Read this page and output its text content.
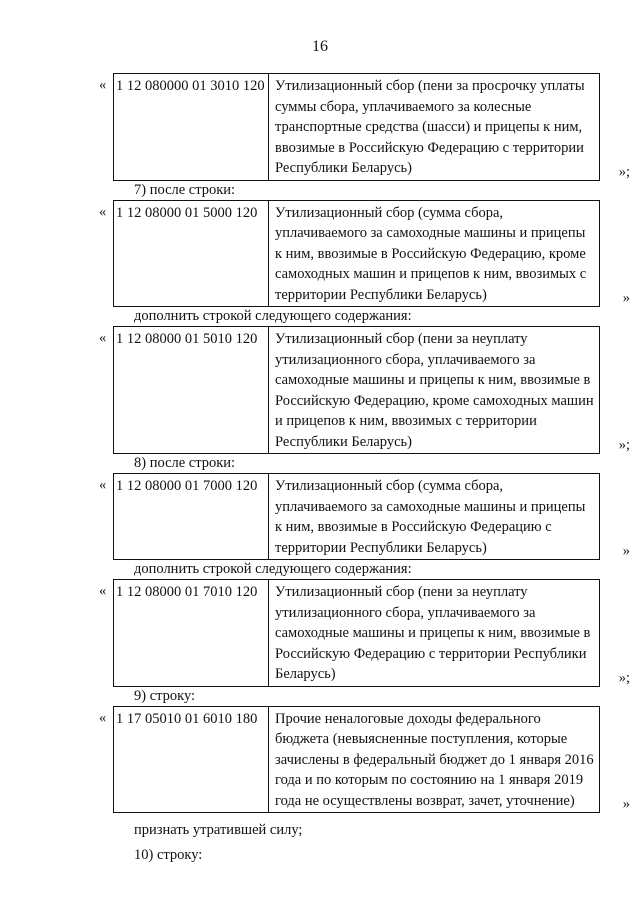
16
« 1 12 080000 01 3010 120 Утилизационный сбор (пени за просрочку уплаты суммы сбора, уплачиваемого за колесные транспортные средства (шасси) и прицепы к ним, ввозимые в Российскую Федерацию с территории Республики Беларусь)	»;
7) после строки:
« 1 12 08000 01 5000 120	Утилизационный сбор (сумма сбора, уплачиваемого за самоходные машины и прицепы к ним, ввозимые в Российскую Федерацию, кроме самоходных машин и прицепов к ним, ввозимых с территории Республики Беларусь)	»
дополнить строкой следующего содержания:
« 1 12 08000 01 5010 120	Утилизационный сбор (пени за неуплату утилизационного сбора, уплачиваемого за самоходные машины и прицепы к ним, ввозимые в Российскую Федерацию, кроме самоходных машин и прицепов к ним, ввозимых с территории Республики Беларусь)	»;
8) после строки:
« 1 12 08000 01 7000 120	Утилизационный сбор (сумма сбора, уплачиваемого за самоходные машины и прицепы к ним, ввозимые в Российскую Федерацию с территории Республики Беларусь)	»
дополнить строкой следующего содержания:
« 1 12 08000 01 7010 120	Утилизационный сбор (пени за неуплату утилизационного сбора, уплачиваемого за самоходные машины и прицепы к ним, ввозимые в Российскую Федерацию с территории Республики Беларусь)	»;
9) строку:
« 1 17 05010 01 6010 180	Прочие неналоговые доходы федерального бюджета (невыясненные поступления, которые зачислены в федеральный бюджет до 1 января 2016 года и по которым по состоянию на 1 января 2019 года не осуществлены возврат, зачет, уточнение)	»
признать утратившей силу;
10) строку:
